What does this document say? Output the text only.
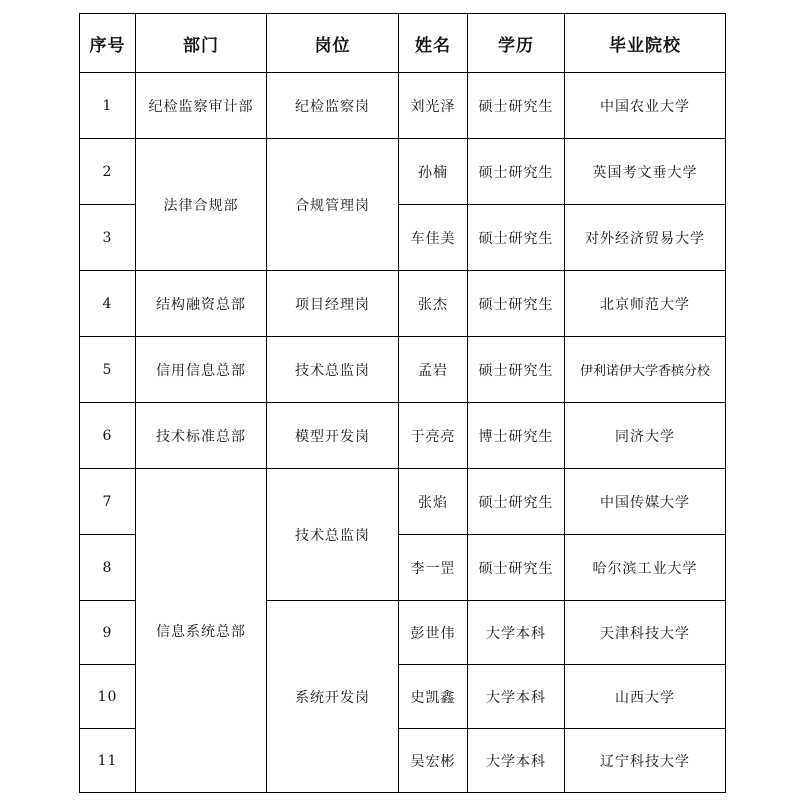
序号	部门	岗位	姓名	学历	毕业院校
1	纪检监察审计部	纪检监察岗	刘光泽	硕士研究生	中国农业大学
2	法律合规部	合规管理岗	孙楠	硕士研究生	英国考文垂大学
3			车佳美	硕士研究生	对外经济贸易大学
4	结构融资总部	项目经理岗	张杰	硕士研究生	北京师范大学
5	信用信息总部	技术总监岗	孟岩	硕士研究生	伊利诺伊大学香槟分校
6	技术标准总部	模型开发岗	于亮亮	博士研究生	同济大学
7	信息系统总部	技术总监岗	张焰	硕士研究生	中国传媒大学
8			李一罡	硕士研究生	哈尔滨工业大学
9		系统开发岗	彭世伟	大学本科	天津科技大学
10			史凯鑫	大学本科	山西大学
11			吴宏彬	大学本科	辽宁科技大学
